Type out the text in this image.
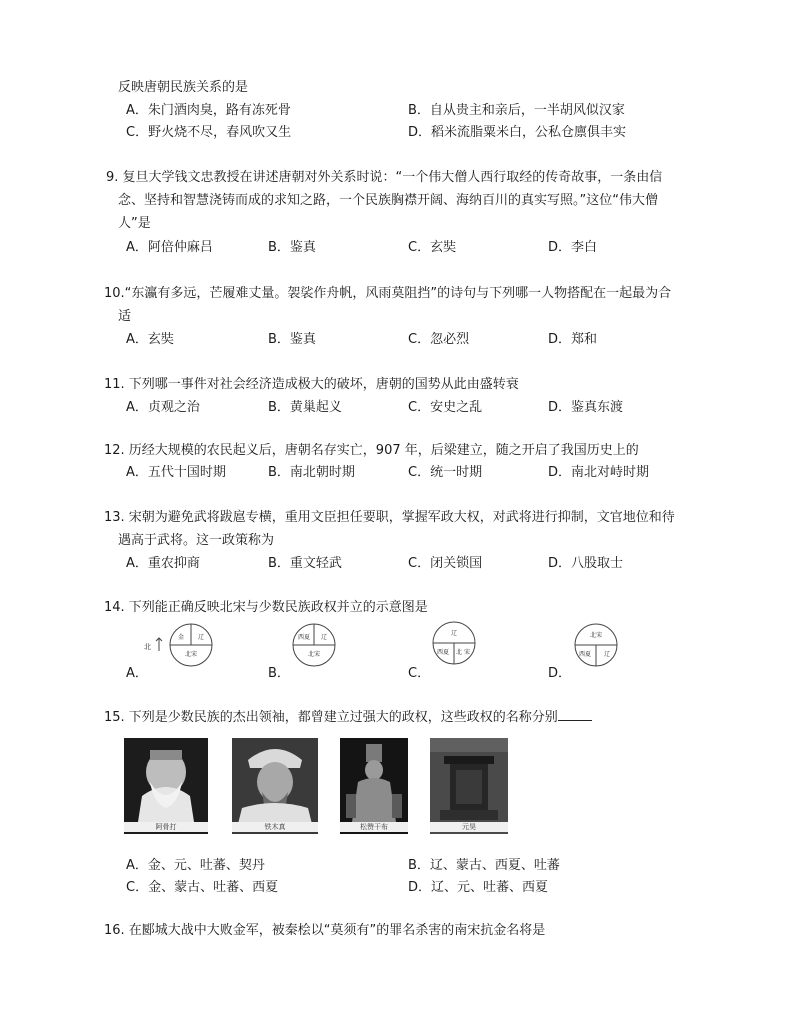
反映唐朝民族关系的是
A．朱门酒肉臭，路有冻死骨	B．自从贵主和亲后，一半胡风似汉家
C．野火烧不尽，春风吹又生	D．稻米流脂粟米白，公私仓廪俱丰实
9. 复旦大学钱文忠教授在讲述唐朝对外关系时说：“一个伟大僧人西行取经的传奇故事，一条由信
念、坚持和智慧浇铸而成的求知之路，一个民族胸襟开阔、海纳百川的真实写照。”这位“伟大僧
人”是
A．阿倍仲麻吕	B．鉴真	C．玄奘	D．李白
10.“东瀛有多远，芒履难丈量。袈裟作舟帆，风雨莫阻挡”的诗句与下列哪一人物搭配在一起最为合
适
A．玄奘	B．鉴真	C．忽必烈	D．郑和
11. 下列哪一事件对社会经济造成极大的破坏，唐朝的国势从此由盛转衰
A．贞观之治	B．黄巢起义	C．安史之乱	D．鉴真东渡
12. 历经大规模的农民起义后，唐朝名存实亡，907 年，后梁建立，随之开启了我国历史上的
A．五代十国时期	B．南北朝时期	C．统一时期	D．南北对峙时期
13. 宋朝为避免武将跋扈专横，重用文臣担任要职，掌握军政大权，对武将进行抑制，文官地位和待
遇高于武将。这一政策称为
A．重农抑商	B．重文轻武	C．闭关锁国	D．八股取士
14. 下列能正确反映北宋与少数民族政权并立的示意图是
金 辽
北宋
北
A．
西夏 辽
北宋
B．
辽
西夏 北 宋
C．
北宋
西夏 辽
D．
15. 下列是少数民族的杰出领袖，都曾建立过强大的政权，这些政权的名称分别
阿骨打	铁木真	松赞干布	元昊
A．金、元、吐蕃、契丹	B．辽、蒙古、西夏、吐蕃
C．金、蒙古、吐蕃、西夏	D．辽、元、吐蕃、西夏
16. 在郾城大战中大败金军，被秦桧以“莫须有”的罪名杀害的南宋抗金名将是
